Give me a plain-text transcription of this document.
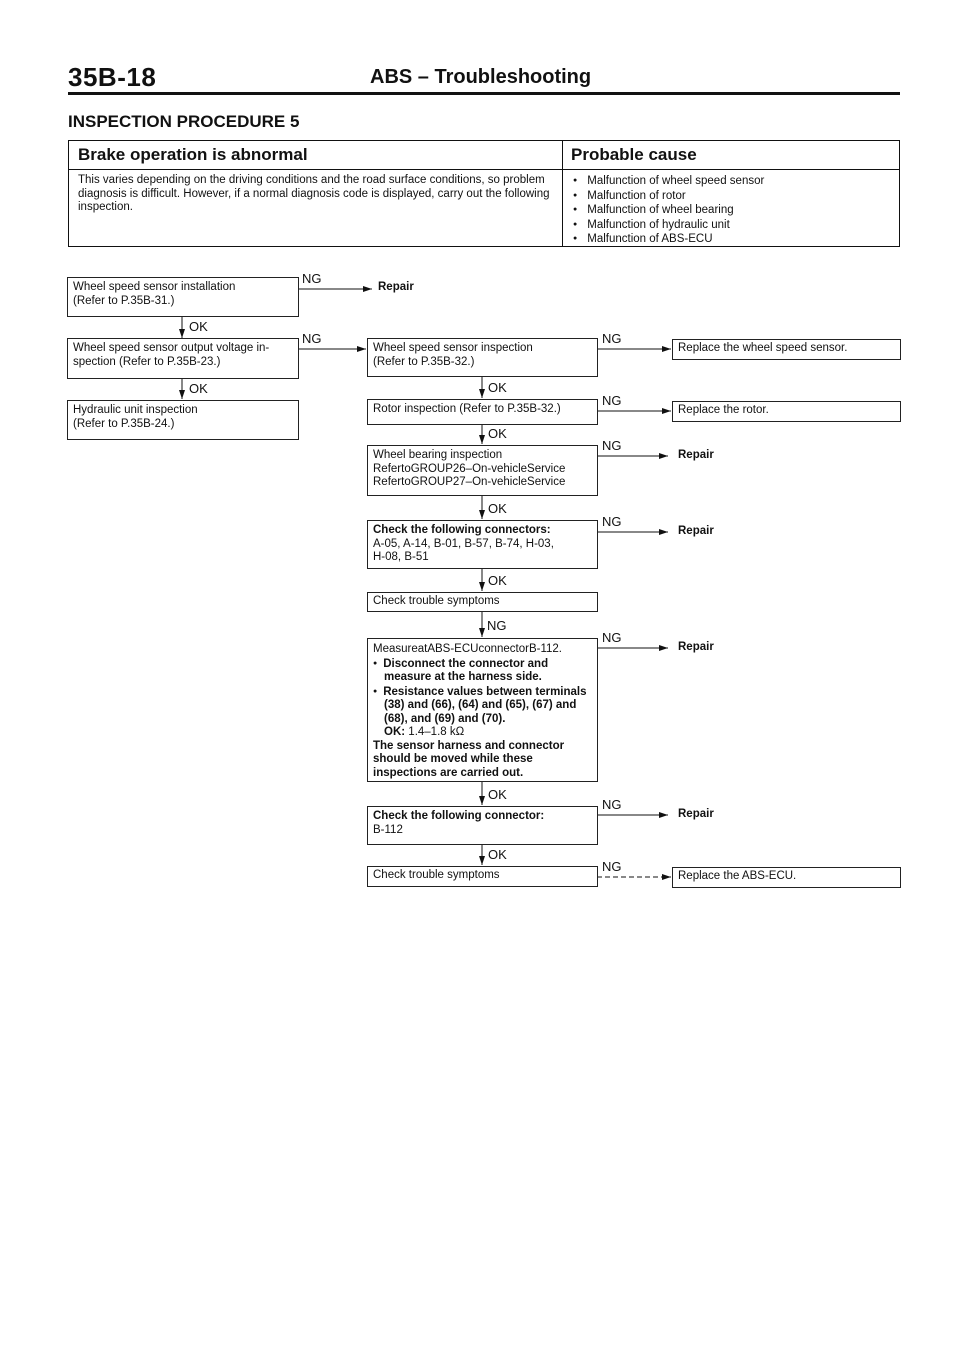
35B-18	ABS – Troubleshooting
INSPECTION PROCEDURE 5
Brake operation is abnormal	Probable cause
This varies depending on the driving conditions and the road surface conditions, so problem diagnosis is difficult. However, if a normal diagnosis code is displayed, carry out the following inspection.
● Malfunction of wheel speed sensor
● Malfunction of rotor
● Malfunction of wheel bearing
● Malfunction of hydraulic unit
● Malfunction of ABS-ECU
Wheel speed sensor installation
(Refer to P.35B-31.)
Wheel speed sensor output voltage in-
spection (Refer to P.35B-23.)
Hydraulic unit inspection
(Refer to P.35B-24.)
Wheel speed sensor inspection
(Refer to P.35B-32.)
Rotor inspection (Refer to P.35B-32.)
Wheel bearing inspection
RefertoGROUP26–On-vehicleService
RefertoGROUP27–On-vehicleService
Check the following connectors:
A-05, A-14, B-01, B-57, B-74, H-03,
H-08, B-51
Check trouble symptoms
MeasureatABS-ECUconnectorB-112.
● Disconnect the connector and measure at the harness side.
● Resistance values between terminals (38) and (66), (64) and (65), (67) and (68), and (69) and (70).
OK: 1.4–1.8 kΩ
The sensor harness and connector should be moved while these inspections are carried out.
Check the following connector:
B-112
Check trouble symptoms
Replace the wheel speed sensor.
Replace the rotor.
Replace the ABS-ECU.
Repair
Repair
Repair
Repair
Repair
NG
NG	NG
NG
NG
NG
NG
NG
NG
NG
OK
OK	OK
OK
OK
OK
OK
OK
